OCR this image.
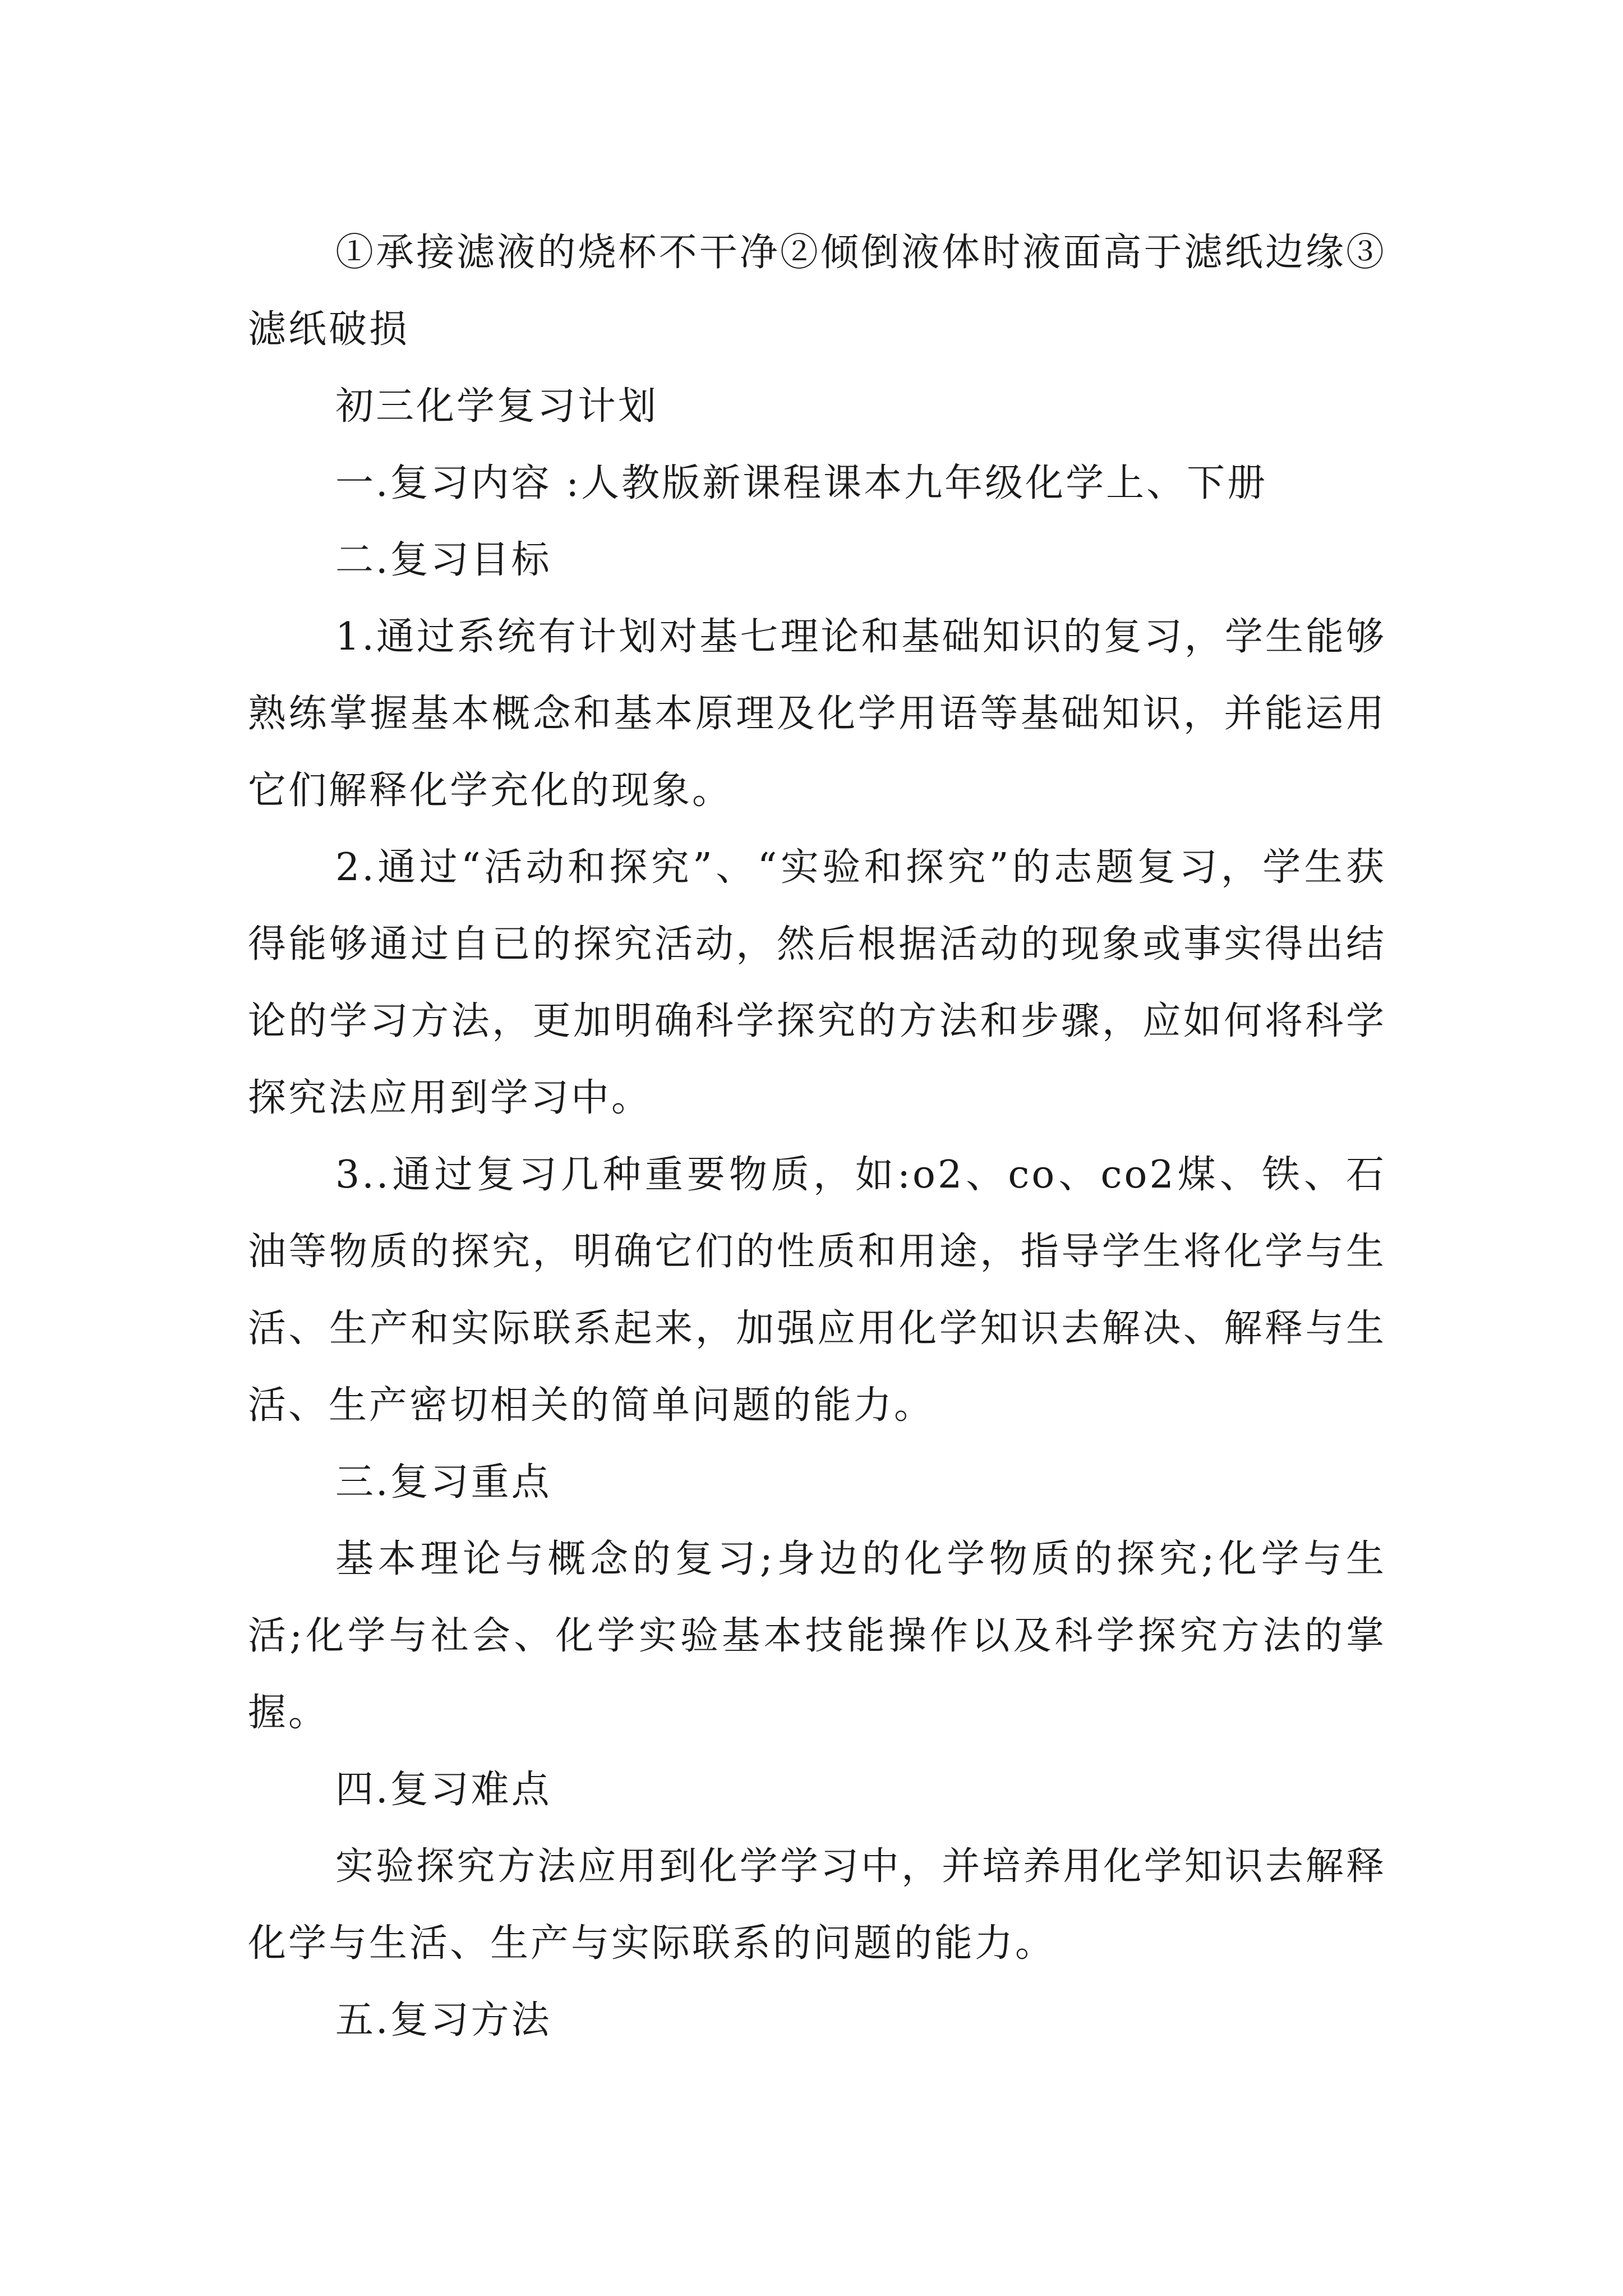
①承接滤液的烧杯不干净②倾倒液体时液面高于滤纸边缘③滤纸破损

初三化学复习计划

一.复习内容 :人教版新课程课本九年级化学上、下册

二.复习目标

1.通过系统有计划对基七理论和基础知识的复习，学生能够熟练掌握基本概念和基本原理及化学用语等基础知识，并能运用它们解释化学充化的现象。

2.通过“活动和探究”、“实验和探究”的志题复习，学生获得能够通过自已的探究活动，然后根据活动的现象或事实得出结论的学习方法，更加明确科学探究的方法和步骤，应如何将科学探究法应用到学习中。

3..通过复习几种重要物质，如:o2、co、co2煤、铁、石油等物质的探究，明确它们的性质和用途，指导学生将化学与生活、生产和实际联系起来，加强应用化学知识去解决、解释与生活、生产密切相关的简单问题的能力。

三.复习重点

基本理论与概念的复习;身边的化学物质的探究;化学与生活;化学与社会、化学实验基本技能操作以及科学探究方法的掌握。

四.复习难点

实验探究方法应用到化学学习中，并培养用化学知识去解释化学与生活、生产与实际联系的问题的能力。

五.复习方法
